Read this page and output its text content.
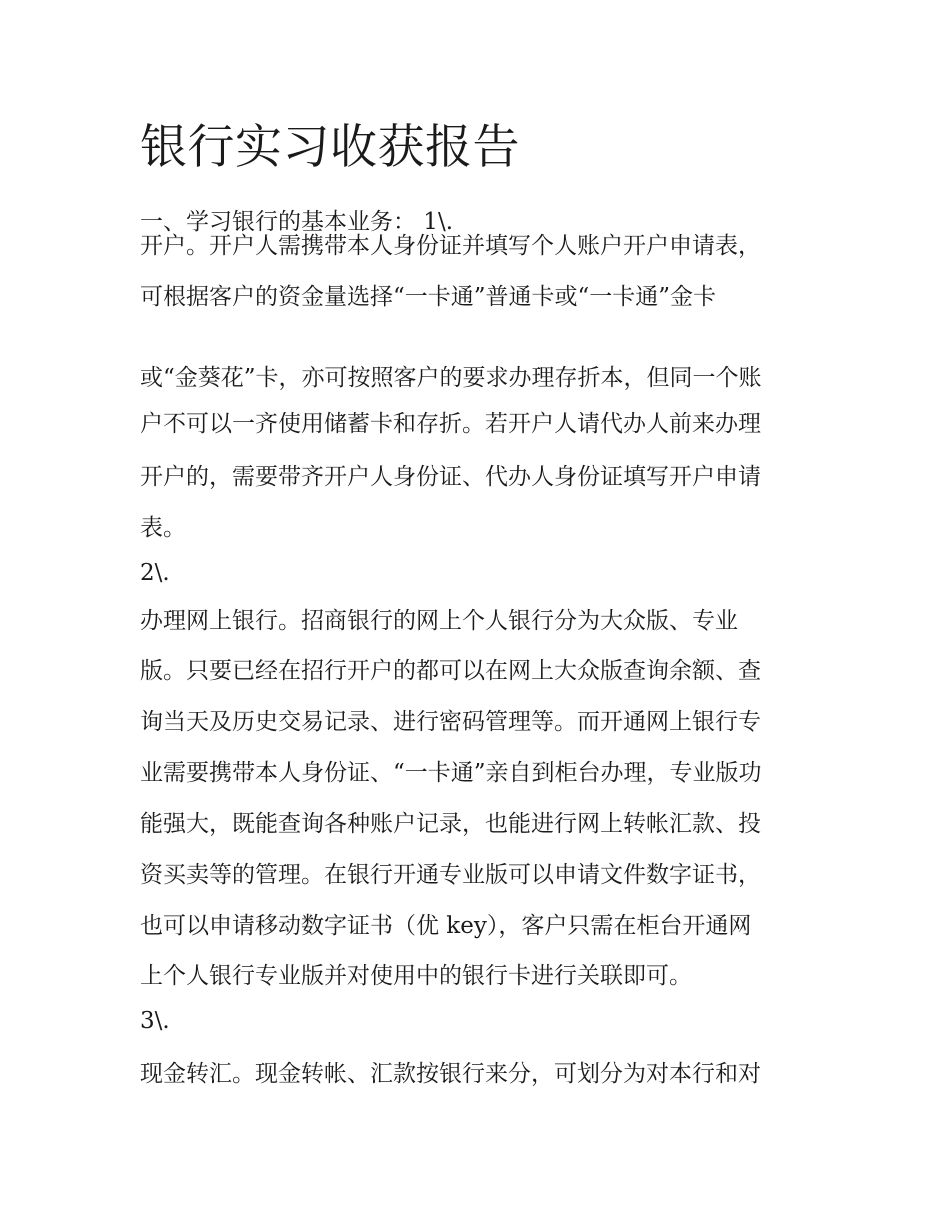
银行实习收获报告

一、学习银行的基本业务： 1\.

开户。开户人需携带本人身份证并填写个人账户开户申请表，

可根据客户的资金量选择“一卡通”普通卡或“一卡通”金卡

或“金葵花”卡，亦可按照客户的要求办理存折本，但同一个账

户不可以一齐使用储蓄卡和存折。若开户人请代办人前来办理

开户的，需要带齐开户人身份证、代办人身份证填写开户申请

表。

2\.

办理网上银行。招商银行的网上个人银行分为大众版、专业

版。只要已经在招行开户的都可以在网上大众版查询余额、查

询当天及历史交易记录、进行密码管理等。而开通网上银行专

业需要携带本人身份证、“一卡通”亲自到柜台办理，专业版功

能强大，既能查询各种账户记录，也能进行网上转帐汇款、投

资买卖等的管理。在银行开通专业版可以申请文件数字证书，

也可以申请移动数字证书（优 key），客户只需在柜台开通网

上个人银行专业版并对使用中的银行卡进行关联即可。

3\.

现金转汇。现金转帐、汇款按银行来分，可划分为对本行和对
